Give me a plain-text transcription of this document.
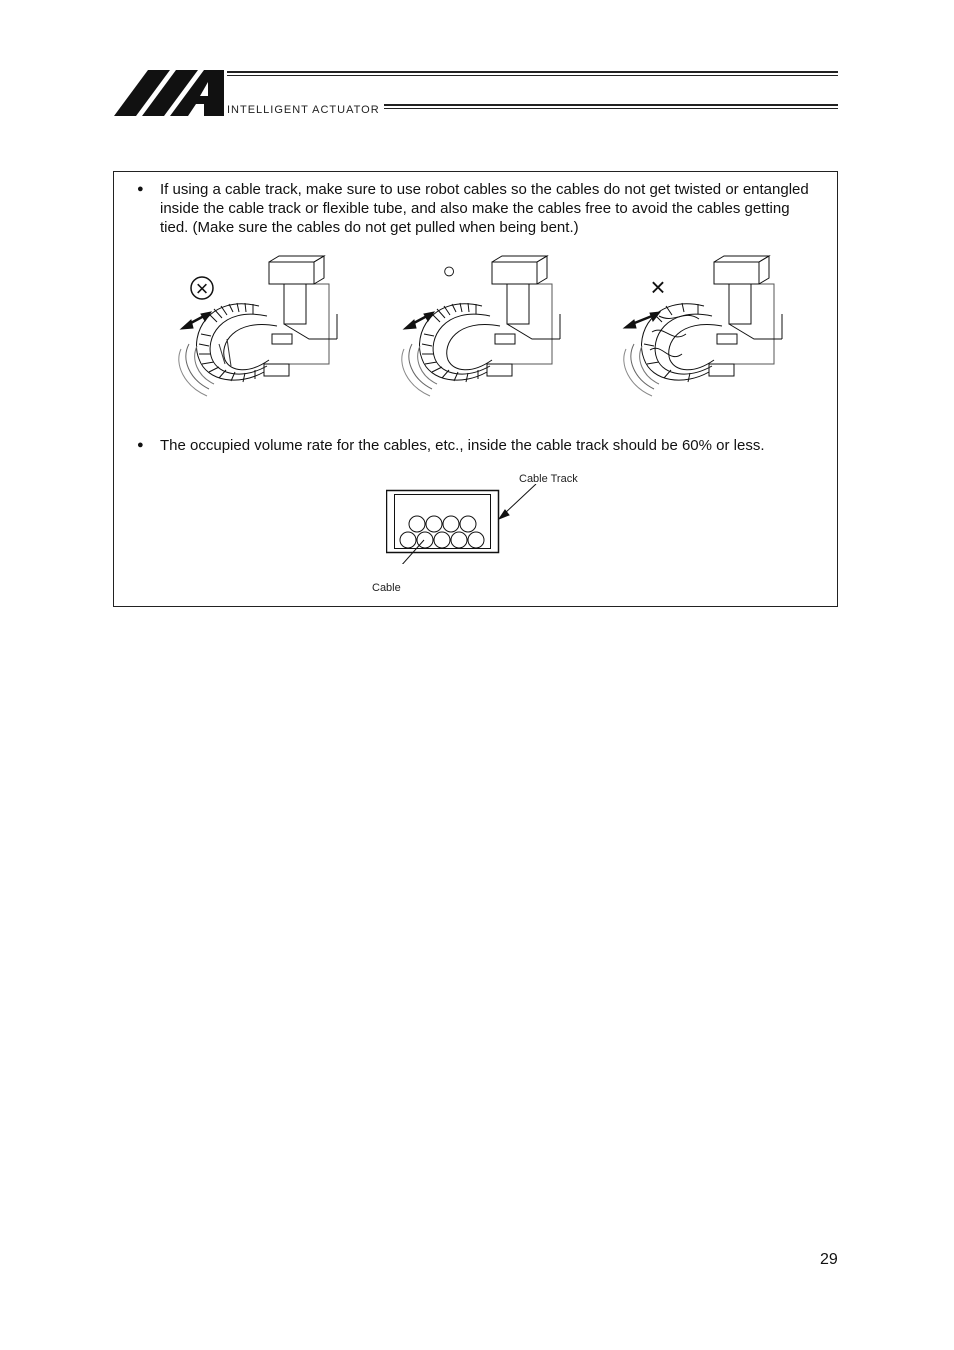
INTELLIGENT ACTUATOR
● If using a cable track, make sure to use robot cables so the cables do not get twisted or entangled inside the cable track or flexible tube, and also make the cables free to avoid the cables getting tied. (Make sure the cables do not get pulled when being bent.)
×
○
×
● The occupied volume rate for the cables, etc., inside the cable track should be 60% or less.
Cable Track
Cable
29
